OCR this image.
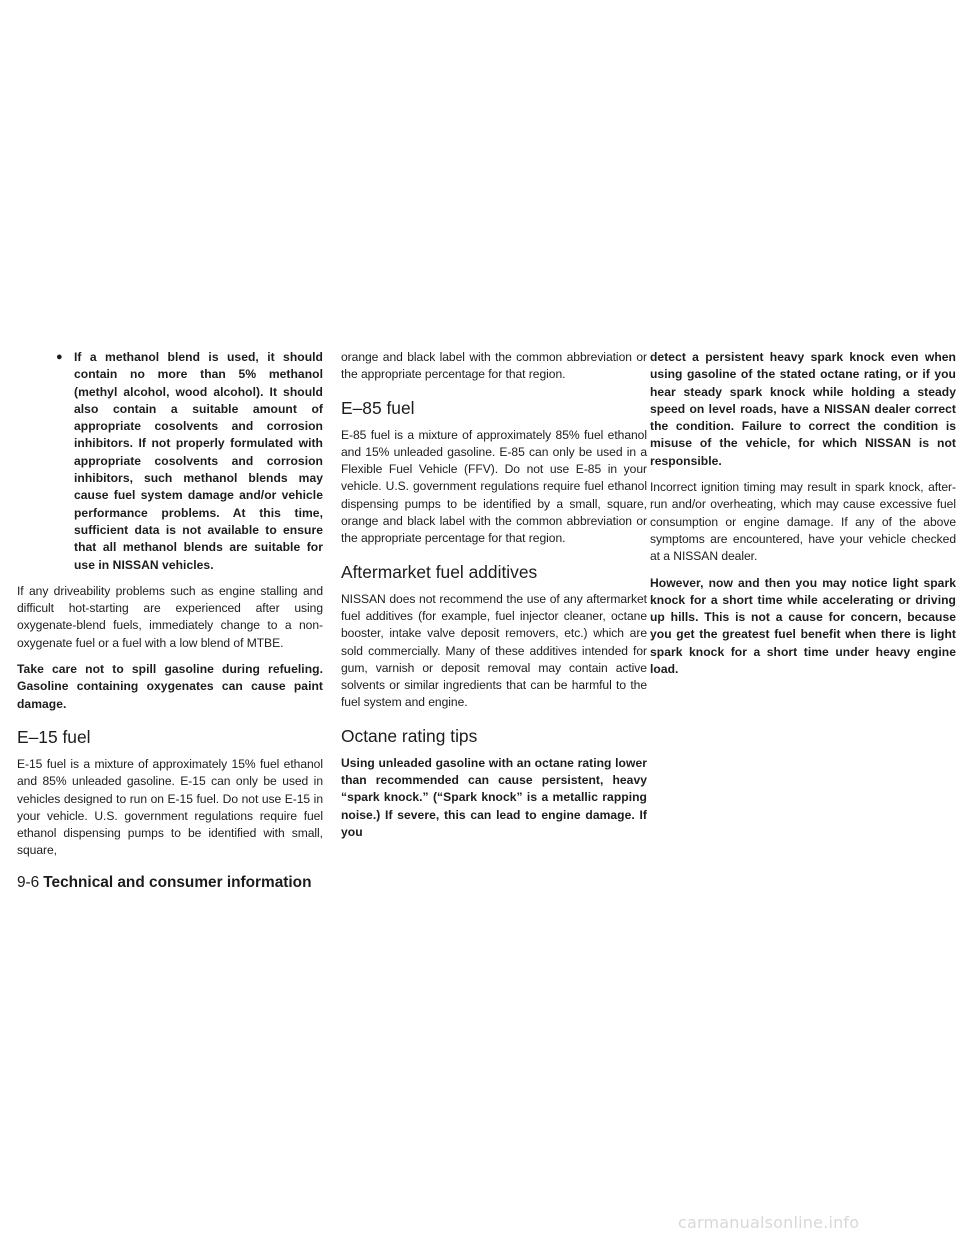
● If a methanol blend is used, it should contain no more than 5% methanol (methyl alcohol, wood alcohol). It should also contain a suitable amount of appropriate cosolvents and corrosion inhibitors. If not properly formulated with appropriate cosolvents and corrosion inhibitors, such methanol blends may cause fuel system damage and/or vehicle performance problems. At this time, sufficient data is not available to ensure that all methanol blends are suitable for use in NISSAN vehicles.

If any driveability problems such as engine stalling and difficult hot-starting are experienced after using oxygenate-blend fuels, immediately change to a non-oxygenate fuel or a fuel with a low blend of MTBE.

Take care not to spill gasoline during refueling. Gasoline containing oxygenates can cause paint damage.

E–15 fuel

E-15 fuel is a mixture of approximately 15% fuel ethanol and 85% unleaded gasoline. E-15 can only be used in vehicles designed to run on E-15 fuel. Do not use E-15 in your vehicle. U.S. government regulations require fuel ethanol dispensing pumps to be identified with small, square,

orange and black label with the common abbreviation or the appropriate percentage for that region.

E–85 fuel

E-85 fuel is a mixture of approximately 85% fuel ethanol and 15% unleaded gasoline. E-85 can only be used in a Flexible Fuel Vehicle (FFV). Do not use E-85 in your vehicle. U.S. government regulations require fuel ethanol dispensing pumps to be identified by a small, square, orange and black label with the common abbreviation or the appropriate percentage for that region.

Aftermarket fuel additives

NISSAN does not recommend the use of any aftermarket fuel additives (for example, fuel injector cleaner, octane booster, intake valve deposit removers, etc.) which are sold commercially. Many of these additives intended for gum, varnish or deposit removal may contain active solvents or similar ingredients that can be harmful to the fuel system and engine.

Octane rating tips

Using unleaded gasoline with an octane rating lower than recommended can cause persistent, heavy “spark knock.” (“Spark knock” is a metallic rapping noise.) If severe, this can lead to engine damage. If you

detect a persistent heavy spark knock even when using gasoline of the stated octane rating, or if you hear steady spark knock while holding a steady speed on level roads, have a NISSAN dealer correct the condition. Failure to correct the condition is misuse of the vehicle, for which NISSAN is not responsible.

Incorrect ignition timing may result in spark knock, after-run and/or overheating, which may cause excessive fuel consumption or engine damage. If any of the above symptoms are encountered, have your vehicle checked at a NISSAN dealer.

However, now and then you may notice light spark knock for a short time while accelerating or driving up hills. This is not a cause for concern, because you get the greatest fuel benefit when there is light spark knock for a short time under heavy engine load.

9-6 Technical and consumer information
carmanualsonline.info
